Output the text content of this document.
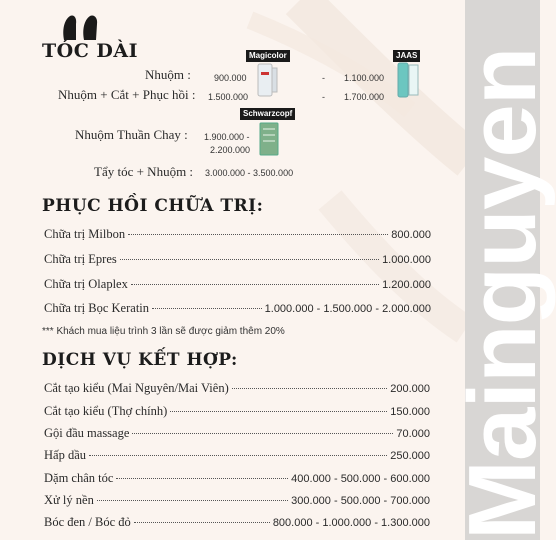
Mainguyen
TÓC DÀI	Magicolor	JAAS
Schwarzcopf
Nhuộm :	900.000	- 1.100.000
Nhuộm + Cắt + Phục hồi : 1.500.000	- 1.700.000
Nhuộm Thuần Chay : 1.900.000 -
2.200.000
Tẩy tóc + Nhuộm : 3.000.000 - 3.500.000
PHỤC HỒI CHỮA TRỊ:
Chữa trị Milbon	800.000
Chữa trị Epres	1.000.000
Chữa trị Olaplex	1.200.000
Chữa trị Bọc Keratin	1.000.000 - 1.500.000 - 2.000.000
*** Khách mua liệu trình 3 lần sẽ được giảm thêm 20%
DỊCH VỤ KẾT HỢP:
Cắt tạo kiểu (Mai Nguyên/Mai Viên)	200.000
Cắt tạo kiểu (Thợ chính)	150.000
Gội đầu massage	70.000
Hấp dầu	250.000
Dặm chân tóc	400.000 - 500.000 - 600.000
Xử lý nền	300.000 - 500.000 - 700.000
Bóc đen / Bóc đỏ	800.000 - 1.000.000 - 1.300.000
